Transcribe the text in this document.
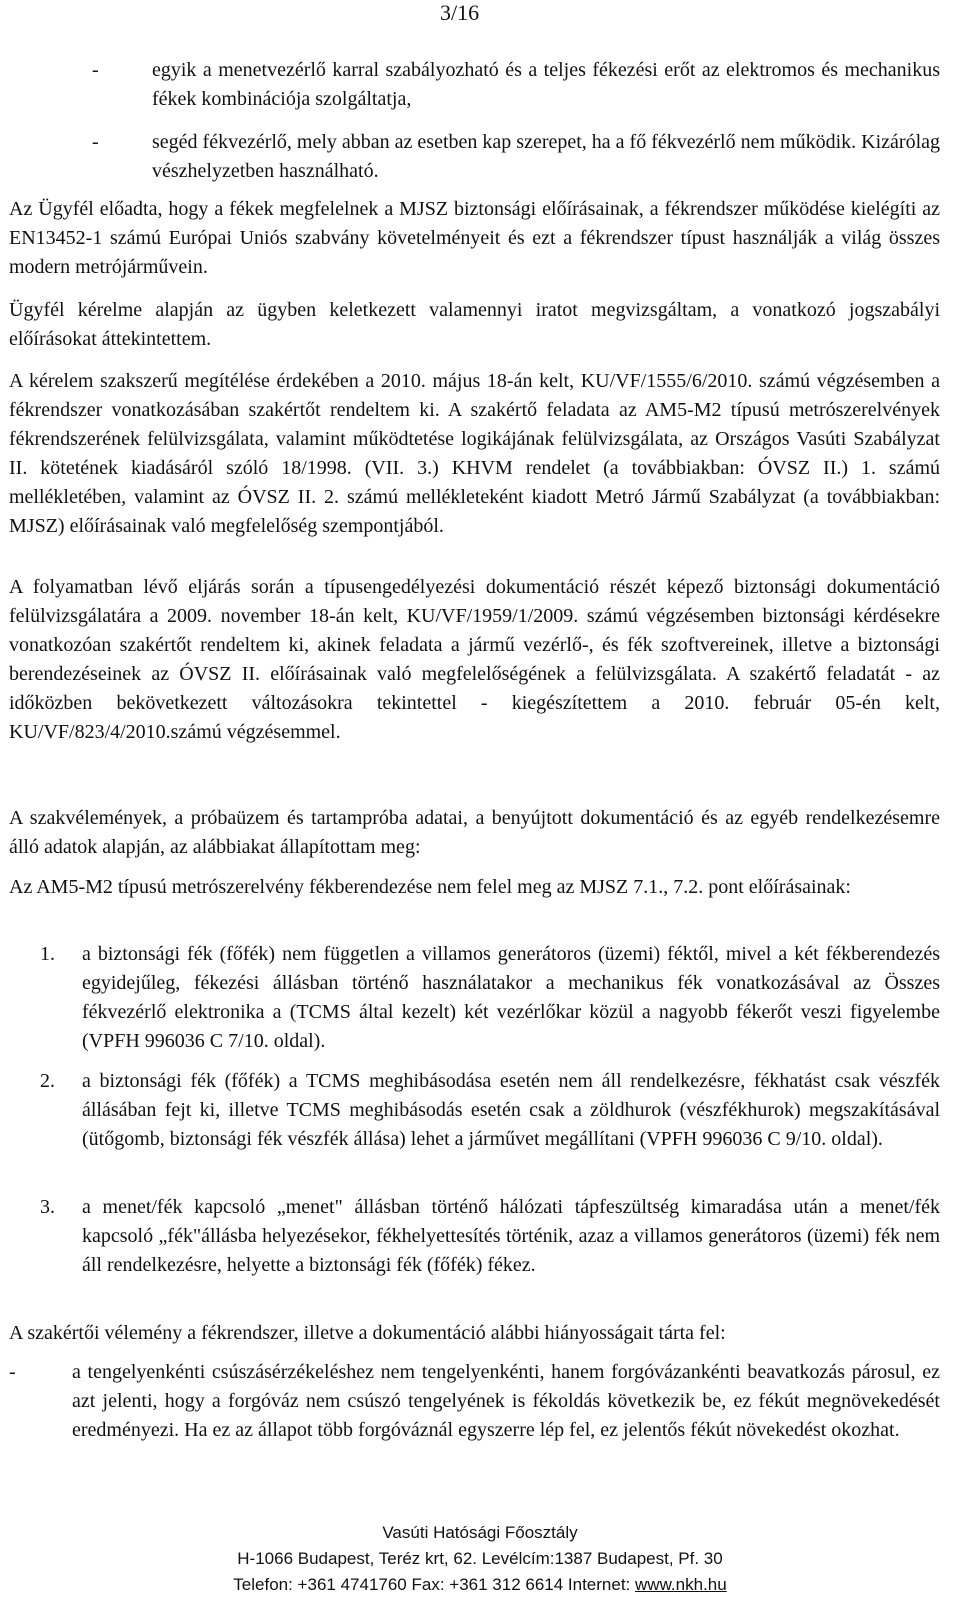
3/16
-	egyik a menetvezérlő karral szabályozható és a teljes fékezési erőt az elektromos és mechanikus fékek kombinációja szolgáltatja,
-	segéd fékvezérlő, mely abban az esetben kap szerepet, ha a fő fékvezérlő nem működik. Kizárólag vészhelyzetben használható.
Az Ügyfél előadta, hogy a fékek megfelelnek a MJSZ biztonsági előírásainak, a fékrendszer működése kielégíti az EN13452-1 számú Európai Uniós szabvány követelményeit és ezt a fékrendszer típust használják a világ összes modern metrójárművein.
Ügyfél kérelme alapján az ügyben keletkezett valamennyi iratot megvizsgáltam, a vonatkozó jogszabályi előírásokat áttekintettem.
A kérelem szakszerű megítélése érdekében a 2010. május 18-án kelt, KU/VF/1555/6/2010. számú végzésemben a fékrendszer vonatkozásában szakértőt rendeltem ki. A szakértő feladata az AM5-M2 típusú metrószerelvények fékrendszerének felülvizsgálata, valamint működtetése logikájának felülvizsgálata, az Országos Vasúti Szabályzat II. kötetének kiadásáról szóló 18/1998. (VII. 3.) KHVM rendelet (a továbbiakban: ÓVSZ II.) 1. számú mellékletében, valamint az ÓVSZ II. 2. számú mellékleteként kiadott Metró Jármű Szabályzat (a továbbiakban: MJSZ) előírásainak való megfelelőség szempontjából.
A folyamatban lévő eljárás során a típusengedélyezési dokumentáció részét képező biztonsági dokumentáció felülvizsgálatára a 2009. november 18-án kelt, KU/VF/1959/1/2009. számú végzésemben biztonsági kérdésekre vonatkozóan szakértőt rendeltem ki, akinek feladata a jármű vezérlő-, és fék szoftvereinek, illetve a biztonsági berendezéseinek az ÓVSZ II. előírásainak való megfelelőségének a felülvizsgálata. A szakértő feladatát - az időközben bekövetkezett változásokra tekintettel - kiegészítettem a 2010. február 05-én kelt, KU/VF/823/4/2010.számú végzésemmel.
A szakvélemények, a próbaüzem és tartampróba adatai, a benyújtott dokumentáció és az egyéb rendelkezésemre álló adatok alapján, az alábbiakat állapítottam meg:
Az AM5-M2 típusú metrószerelvény fékberendezése nem felel meg az MJSZ 7.1., 7.2. pont előírásainak:
1. a biztonsági fék (főfék) nem független a villamos generátoros (üzemi) féktől, mivel a két fékberendezés egyidejűleg, fékezési állásban történő használatakor a mechanikus fék vonatkozásával az Összes fékvezérlő elektronika a (TCMS által kezelt) két vezérlőkar közül a nagyobb fékerőt veszi figyelembe (VPFH 996036 C 7/10. oldal).
2. a biztonsági fék (főfék) a TCMS meghibásodása esetén nem áll rendelkezésre, fékhatást csak vészfék állásában fejt ki, illetve TCMS meghibásodás esetén csak a zöldhurok (vészfékhurok) megszakításával (ütőgomb, biztonsági fék vészfék állása) lehet a járművet megállítani (VPFH 996036 C 9/10. oldal).
3. a menet/fék kapcsoló „menet" állásban történő hálózati tápfeszültség kimaradása után a menet/fék kapcsoló „fék"állásba helyezésekor, fékhelyettesítés történik, azaz a villamos generátoros (üzemi) fék nem áll rendelkezésre, helyette a biztonsági fék (főfék) fékez.
A szakértői vélemény a fékrendszer, illetve a dokumentáció alábbi hiányosságait tárta fel:
-	a tengelyenkénti csúszásérzékeléshez nem tengelyenkénti, hanem forgóvázankénti beavatkozás párosul, ez azt jelenti, hogy a forgóváz nem csúszó tengelyének is fékoldás következik be, ez fékút megnövekedését eredményezi. Ha ez az állapot több forgóváznál egyszerre lép fel, ez jelentős fékút növekedést okozhat.
Vasúti Hatósági Főosztály
H-1066 Budapest, Teréz krt, 62. Levélcím:1387 Budapest, Pf. 30
Telefon: +361 4741760 Fax: +361 312 6614 Internet: www.nkh.hu
